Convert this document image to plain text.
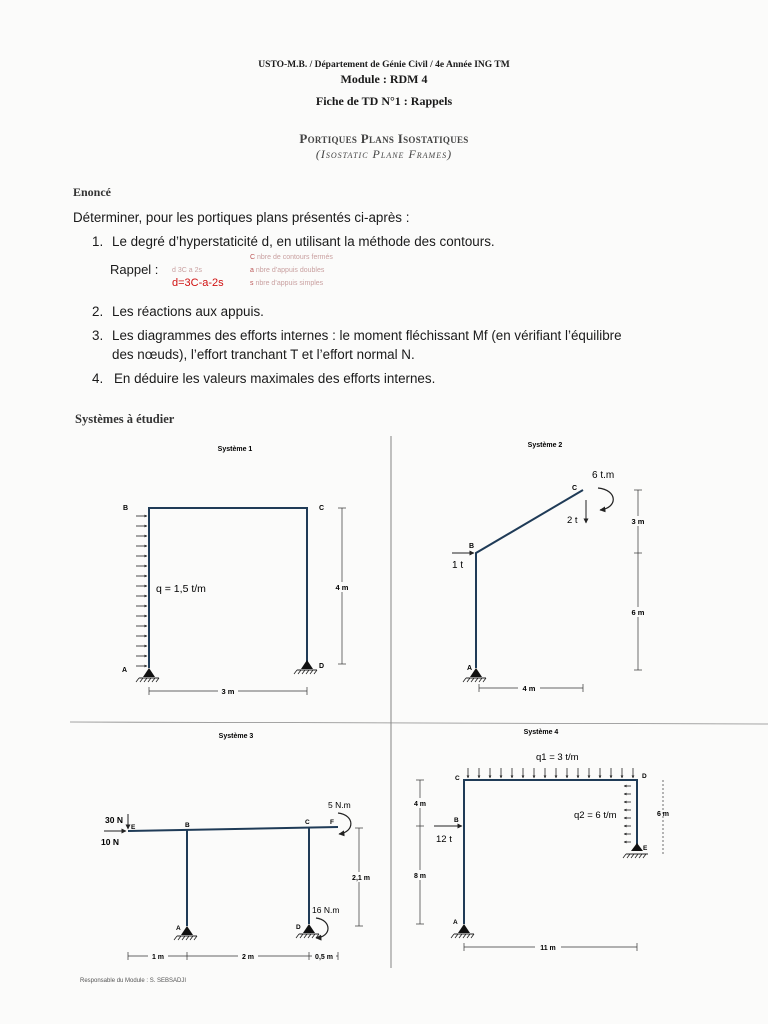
USTO-M.B. / Département de Génie Civil / 4e Année ING TM
Module : RDM 4
Fiche de TD N°1 : Rappels
Portiques Plans Isostatiques
(Isostatic Plane Frames)
Enoncé
Déterminer, pour les portiques plans présentés ci-après :
1. Le degré d’hyperstaticité d, en utilisant la méthode des contours.
Rappel : d 3C a 2s
d=3C-a-2s
C nbre de contours fermés
a nbre d’appuis doubles
s nbre d’appuis simples
2. Les réactions aux appuis.
3. Les diagrammes des efforts internes : le moment fléchissant Mf (en vérifiant l’équilibre
des nœuds), l’effort tranchant T et l’effort normal N.
4. En déduire les valeurs maximales des efforts internes.
Systèmes à étudier
Système 1
B	C
A
D
q = 1,5 t/m	4 m
3 m
Système 2
A
B
C
1 t
2 t
6 t.m
3 m
6 m
4 m
Système 3
E	B	C	F
A	D
30 N
10 N
5 N.m
16 N.m
2,1 m
1 m	2 m	0,5 m
Système 4
C	D
B
E
A
q1 = 3 t/m
q2 = 6 t/m
12 t
4 m
8 m
6 m
11 m
Responsable du Module : S. SEBSADJI
